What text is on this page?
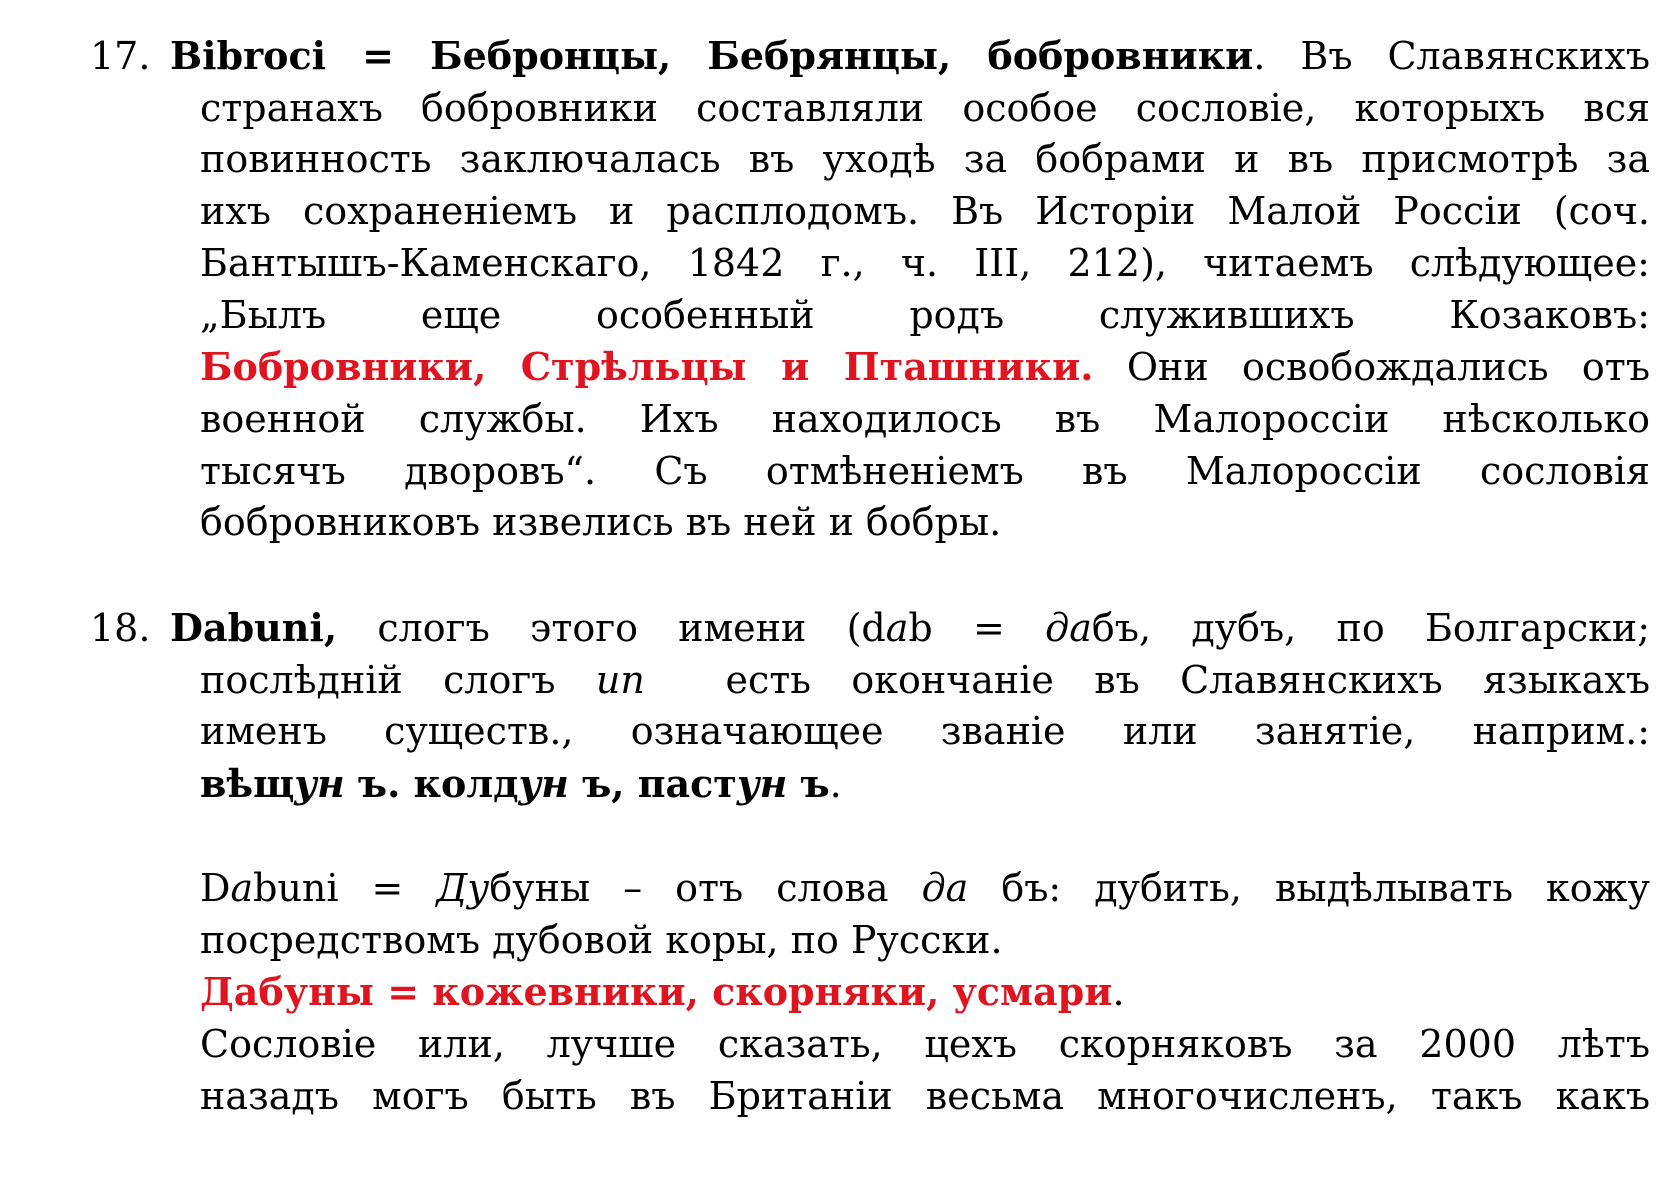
17. Bibroci = Бебронцы, Бебрянцы, бобровники. Въ Славянскихъ
странахъ бобровники составляли особое сословіе, которыхъ вся
повинность заключалась въ уходѣ за бобрами и въ присмотрѣ за
ихъ сохраненіемъ и расплодомъ. Въ Исторіи Малой Россіи (соч.
Бантышъ-Каменскаго, 1842 г., ч. III, 212), читаемъ слѣдующее:
„Былъ еще особенный родъ служившихъ Козаковъ:
Бобровники, Стрѣльцы и Пташники. Они освобождались отъ
военной службы. Ихъ находилось въ Малороссіи нѣсколько
тысячъ дворовъ“. Съ отмѣненіемъ въ Малороссіи сословія
бобровниковъ извелись въ ней и бобры.
18. Dabuni, слогъ этого имени (dab = дабъ, дубъ, по Болгарски;
послѣдній слогъ un  есть окончаніе въ Славянскихъ языкахъ
именъ существ., означающее званіе или занятіе, наприм.:
вѣщун ъ. колдун ъ, пастун ъ.
Dabuni = Дубуны – отъ слова да бъ: дубить, выдѣлывать кожу
посредствомъ дубовой коры, по Русски.
Дабуны = кожевники, скорняки, усмари.
Сословіе или, лучше сказать, цехъ скорняковъ за 2000 лѣтъ
назадъ могъ быть въ Британіи весьма многочисленъ, такъ какъ
